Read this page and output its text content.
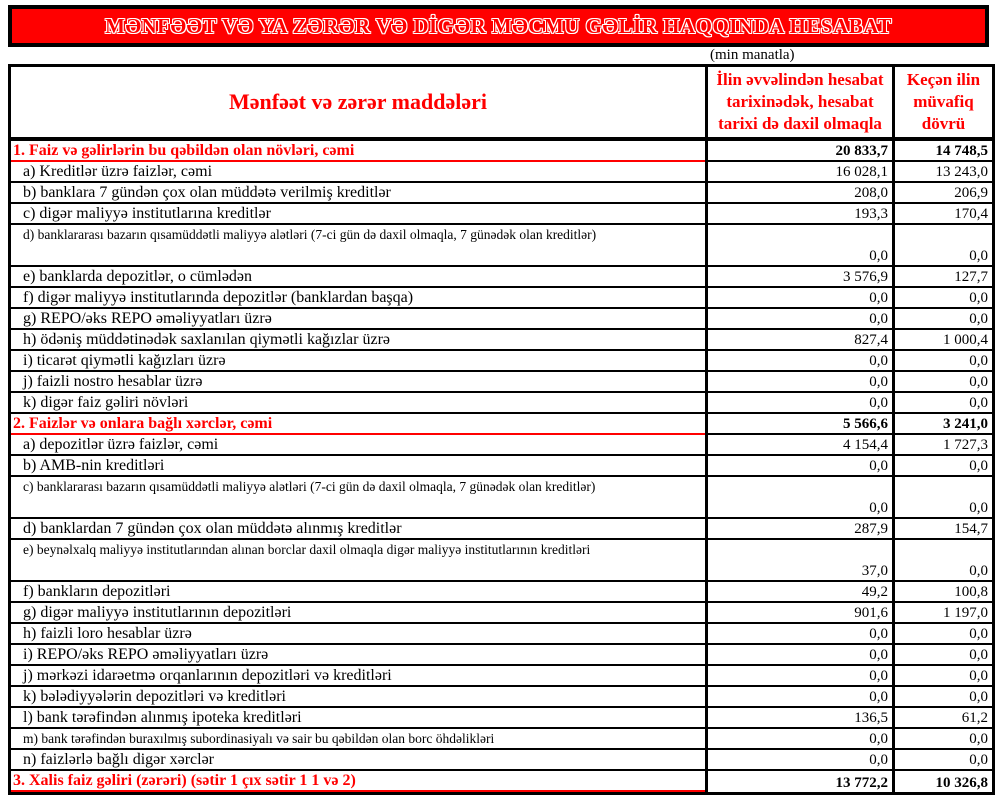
MƏNFƏƏT VƏ YA ZƏRƏR VƏ DİGƏR MƏCMU GƏLİR HAQQINDA HESABAT
(min manatla)
Mənfəət və zərər maddələri	İlin əvvəlindən hesabat tarixinədək, hesabat tarixi də daxil olmaqla	Keçən ilin müvafiq dövrü
1. Faiz və gəlirlərin bu qəbildən olan növləri, cəmi	20 833,7	14 748,5
a) Kreditlər üzrə faizlər, cəmi	16 028,1	13 243,0
b) banklara 7 gündən çox olan müddətə verilmiş kreditlər	208,0	206,9
c) digər maliyyə institutlarına kreditlər	193,3	170,4
d) banklararası bazarın qısamüddətli maliyyə alətləri (7-ci gün də daxil olmaqla, 7 günədək olan kreditlər)	0,0	0,0
e) banklarda depozitlər, o cümlədən	3 576,9	127,7
f) digər maliyyə institutlarında depozitlər (banklardan başqa)	0,0	0,0
g) REPO/əks REPO əməliyyatları üzrə	0,0	0,0
h) ödəniş müddətinədək saxlanılan qiymətli kağızlar üzrə	827,4	1 000,4
i) ticarət qiymətli kağızları üzrə	0,0	0,0
j) faizli nostro hesablar üzrə	0,0	0,0
k) digər faiz gəliri növləri	0,0	0,0
2. Faizlər və onlara bağlı xərclər, cəmi	5 566,6	3 241,0
a) depozitlər üzrə faizlər, cəmi	4 154,4	1 727,3
b) AMB-nin kreditləri	0,0	0,0
c) banklararası bazarın qısamüddətli maliyyə alətləri (7-ci gün də daxil olmaqla, 7 günədək olan kreditlər)	0,0	0,0
d) banklardan 7 gündən çox olan müddətə alınmış kreditlər	287,9	154,7
e) beynəlxalq maliyyə institutlarından alınan borclar daxil olmaqla digər maliyyə institutlarının kreditləri	37,0	0,0
f) bankların depozitləri	49,2	100,8
g) digər maliyyə institutlarının depozitləri	901,6	1 197,0
h) faizli loro hesablar üzrə	0,0	0,0
i) REPO/əks REPO əməliyyatları üzrə	0,0	0,0
j) mərkəzi idarəetmə orqanlarının depozitləri və kreditləri	0,0	0,0
k) bələdiyyələrin depozitləri və kreditləri	0,0	0,0
l) bank tərəfindən alınmış ipoteka kreditləri	136,5	61,2
m) bank tərəfindən buraxılmış subordinasiyalı və sair bu qəbildən olan borc öhdəlikləri	0,0	0,0
n) faizlərlə bağlı digər xərclər	0,0	0,0
3. Xalis faiz gəliri (zərəri) (sətir 1 çıx sətir 1 1 və 2)	13 772,2	10 326,8
